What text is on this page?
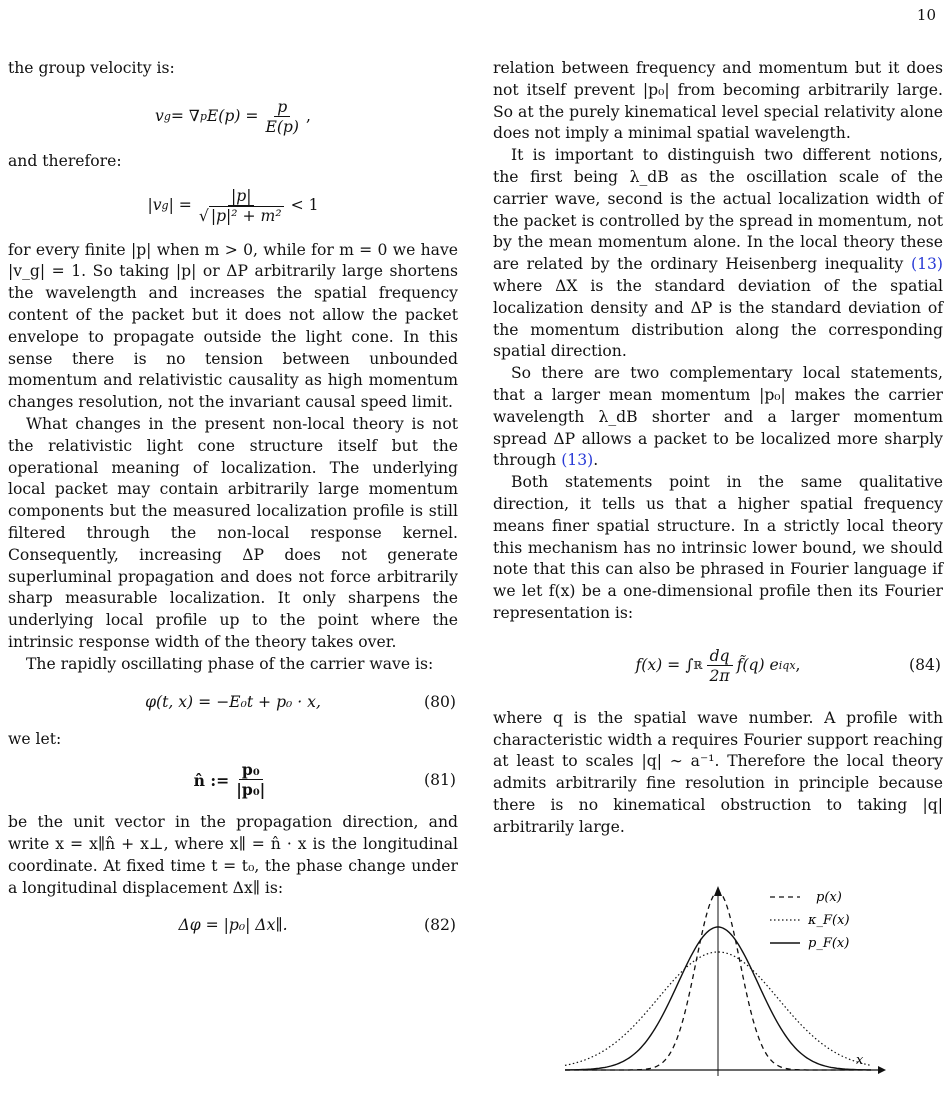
10

the group velocity is:

v g = ∇ p $E(p) = \frac{p}{E(p)}$ ,

and therefore:

|v g | = $\frac{|p|}{\text{√ |p|² + m²}} < 1$

for every finite |p| when m > 0, while for m = 0 we have |v_g| = 1. So taking |p| or ΔP arbitrarily large shortens the wavelength and increases the spatial frequency content of the packet but it does not allow the packet envelope to propagate outside the light cone. In this sense there is no tension between unbounded momentum and relativistic causality as high momentum changes resolution, not the invariant causal speed limit.

What changes in the present non-local theory is not the relativistic light cone structure itself but the operational meaning of localization. The underlying local packet may contain arbitrarily large momentum components but the measured localization profile is still filtered through the non-local response kernel. Consequently, increasing ΔP does not generate superluminal propagation and does not force arbitrarily sharp measurable localization. It only sharpens the underlying local profile up to the point where the intrinsic response width of the theory takes over.

The rapidly oscillating phase of the carrier wave is:

φ(t, x) = −E₀t + p₀ · x,	(80)

we let:

n̂ := $\frac{\text{p₀}}{\text{|p₀|}}$	(81)

be the unit vector in the propagation direction, and write x = x∥n̂ + x⊥, where x∥ = n̂ · x is the longitudinal coordinate. At fixed time t = t₀, the phase change under a longitudinal displacement Δx∥ is:

Δφ = |p₀| Δx∥.	(82)

relation between frequency and momentum but it does not itself prevent |p₀| from becoming arbitrarily large. So at the purely kinematical level special relativity alone does not imply a minimal spatial wavelength.

It is important to distinguish two different notions, the first being λ_dB as the oscillation scale of the carrier wave, second is the actual localization width of the packet is controlled by the spread in momentum, not by the mean momentum alone. In the local theory these are related by the ordinary Heisenberg inequality (13) where ΔX is the standard deviation of the spatial localization density and ΔP is the standard deviation of the momentum distribution along the corresponding spatial direction.

So there are two complementary local statements, that a larger mean momentum |p₀| makes the carrier wavelength λ_dB shorter and a larger momentum spread ΔP allows a packet to be localized more sharply through (13).

Both statements point in the same qualitative direction, it tells us that a higher spatial frequency means finer spatial structure. In a strictly local theory this mechanism has no intrinsic lower bound, we should note that this can also be phrased in Fourier language if we let f(x) be a one-dimensional profile then its Fourier representation is:

f(x) = ∫ ℝ $\frac{dq}{2\pi}$ f̃(q) e iqx ,	(84)

where q is the spatial wave number. A profile with characteristic width a requires Fourier support reaching at least to scales |q| ∼ a⁻¹. Therefore the local theory admits arbitrarily fine resolution in principle because there is no kinematical obstruction to taking |q| arbitrarily large.

x
p(x)
κ_F(x)
p_F(x)
